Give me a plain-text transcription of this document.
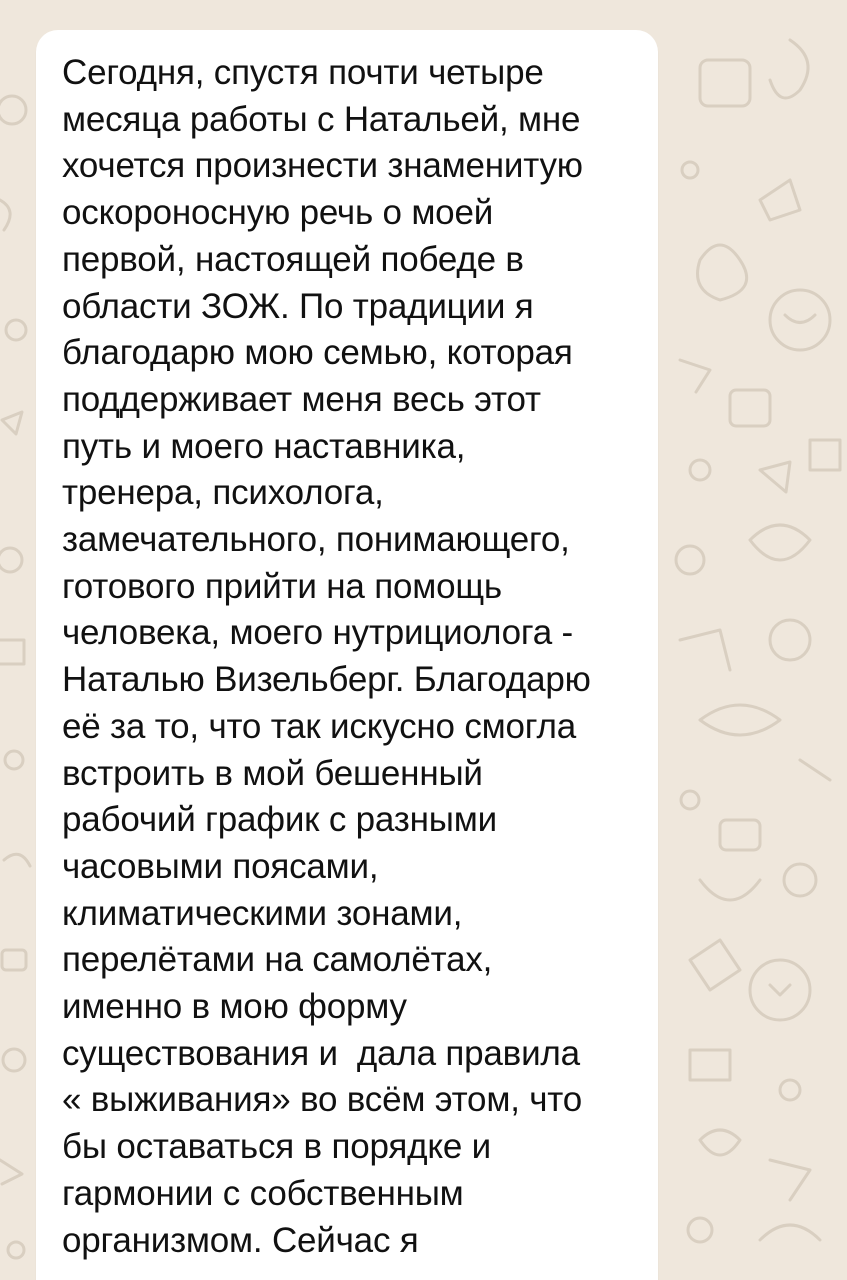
Сегодня, спустя почти четыре
месяца работы с Натальей, мне
хочется произнести знаменитую
оскороносную речь о моей
первой, настоящей победе в
области ЗОЖ. По традиции я
благодарю мою семью, которая
поддерживает меня весь этот
путь и моего наставника,
тренера, психолога,
замечательного, понимающего,
готового прийти на помощь
человека, моего нутрициолога -
Наталью Визельберг. Благодарю
её за то, что так искусно смогла
встроить в мой бешенный
рабочий график с разными
часовыми поясами,
климатическими зонами,
перелётами на самолётах,
именно в мою форму
существования и  дала правила
« выживания» во всём этом, что
бы оставаться в порядке и
гармонии с собственным
организмом. Сейчас я
